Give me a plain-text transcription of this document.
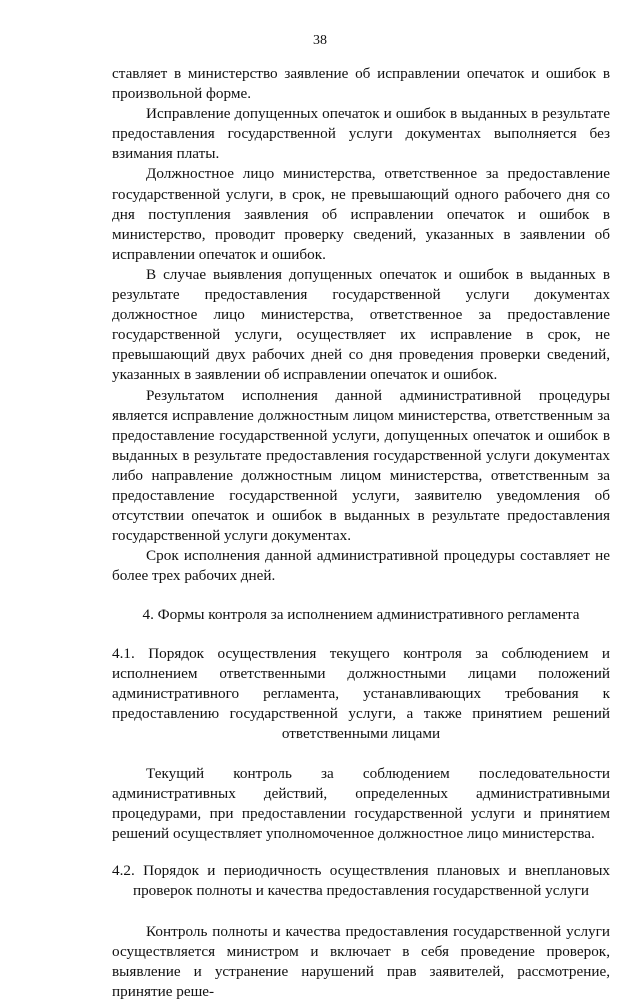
38

ставляет в министерство заявление об исправлении опечаток и ошибок в произвольной форме.

Исправление допущенных опечаток и ошибок в выданных в результате предоставления государственной услуги документах выполняется без взимания платы.

Должностное лицо министерства, ответственное за предоставление государственной услуги, в срок, не превышающий одного рабочего дня со дня поступления заявления об исправлении опечаток и ошибок в министерство, проводит проверку сведений, указанных в заявлении об исправлении опечаток и ошибок.

В случае выявления допущенных опечаток и ошибок в выданных в результате предоставления государственной услуги документах должностное лицо министерства, ответственное за предоставление государственной услуги, осуществляет их исправление в срок, не превышающий двух рабочих дней со дня проведения проверки сведений, указанных в заявлении об исправлении опечаток и ошибок.

Результатом исполнения данной административной процедуры является исправление должностным лицом министерства, ответственным за предоставление государственной услуги, допущенных опечаток и ошибок в выданных в результате предоставления государственной услуги документах либо направление должностным лицом министерства, ответственным за предоставление государственной услуги, заявителю уведомления об отсутствии опечаток и ошибок в выданных в результате предоставления государственной услуги документах.

Срок исполнения данной административной процедуры составляет не более трех рабочих дней.

4. Формы контроля за исполнением административного регламента

4.1. Порядок осуществления текущего контроля за соблюдением и исполнением ответственными должностными лицами положений административного регламента, устанавливающих требования к предоставлению государственной услуги, а также принятием решений ответственными лицами

Текущий контроль за соблюдением последовательности административных действий, определенных административными процедурами, при предоставлении государственной услуги и принятием решений осуществляет уполномоченное должностное лицо министерства.

4.2. Порядок и периодичность осуществления плановых и внеплановых проверок полноты и качества предоставления государственной услуги

Контроль полноты и качества предоставления государственной услуги осуществляется министром и включает в себя проведение проверок, выявление и устранение нарушений прав заявителей, рассмотрение, принятие реше-
